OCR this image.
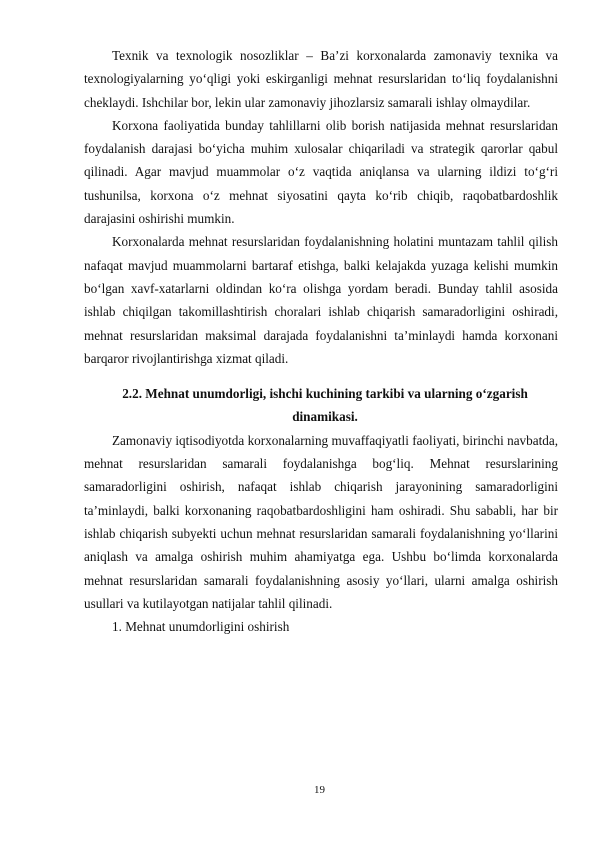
Texnik va texnologik nosozliklar – Ba’zi korxonalarda zamonaviy texnika va texnologiyalarning yo‘qligi yoki eskirganligi mehnat resurslaridan to‘liq foydalanishni cheklaydi. Ishchilar bor, lekin ular zamonaviy jihozlarsiz samarali ishlay olmaydilar.

Korxona faoliyatida bunday tahlillarni olib borish natijasida mehnat resurslaridan foydalanish darajasi bo‘yicha muhim xulosalar chiqariladi va strategik qarorlar qabul qilinadi. Agar mavjud muammolar o‘z vaqtida aniqlansa va ularning ildizi to‘g‘ri tushunilsa, korxona o‘z mehnat siyosatini qayta ko‘rib chiqib, raqobatbardoshlik darajasini oshirishi mumkin.

Korxonalarda mehnat resurslaridan foydalanishning holatini muntazam tahlil qilish nafaqat mavjud muammolarni bartaraf etishga, balki kelajakda yuzaga kelishi mumkin bo‘lgan xavf-xatarlarni oldindan ko‘ra olishga yordam beradi. Bunday tahlil asosida ishlab chiqilgan takomillashtirish choralari ishlab chiqarish samaradorligini oshiradi, mehnat resurslaridan maksimal darajada foydalanishni ta’minlaydi hamda korxonani barqaror rivojlantirishga xizmat qiladi.

2.2. Mehnat unumdorligi, ishchi kuchining tarkibi va ularning o‘zgarish dinamikasi.

Zamonaviy iqtisodiyotda korxonalarning muvaffaqiyatli faoliyati, birinchi navbatda, mehnat resurslaridan samarali foydalanishga bog‘liq. Mehnat resurslarining samaradorligini oshirish, nafaqat ishlab chiqarish jarayonining samaradorligini ta’minlaydi, balki korxonaning raqobatbardoshligini ham oshiradi. Shu sababli, har bir ishlab chiqarish subyekti uchun mehnat resurslaridan samarali foydalanishning yo‘llarini aniqlash va amalga oshirish muhim ahamiyatga ega. Ushbu bo‘limda korxonalarda mehnat resurslaridan samarali foydalanishning asosiy yo‘llari, ularni amalga oshirish usullari va kutilayotgan natijalar tahlil qilinadi.

1. Mehnat unumdorligini oshirish

19
